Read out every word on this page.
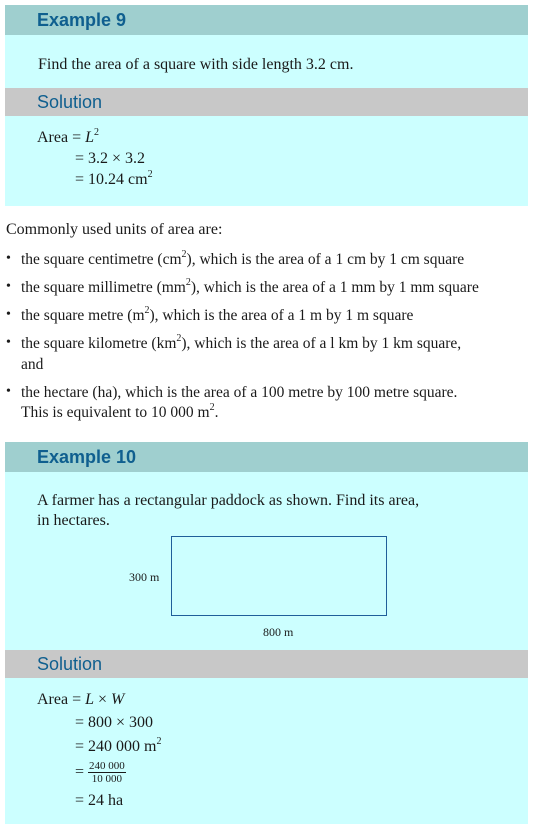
Example 9
Find the area of a square with side length 3.2 cm.
Solution
Area = $L^2$
= 3.2 × 3.2
= 10.24 $cm^2$
Commonly used units of area are:
• the square centimetre $(cm^2)$, which is the area of a 1 cm by 1 cm square
• the square millimetre $(mm^2)$, which is the area of a 1 mm by 1 mm square
• the square metre $(m^2)$, which is the area of a 1 m by 1 m square
• the square kilometre $(km^2)$, which is the area of a l km by 1 km square,
and
• the hectare (ha), which is the area of a 100 metre by 100 metre square.
This is equivalent to 10 000 $m^2$.
Example 10
A farmer has a rectangular paddock as shown. Find its area,
in hectares.
300 m
800 m
Solution
Area = L × W
= 800 × 300
= 240 000 $m^2$
= $\frac{240 000}{10 000}$
= 24 ha
